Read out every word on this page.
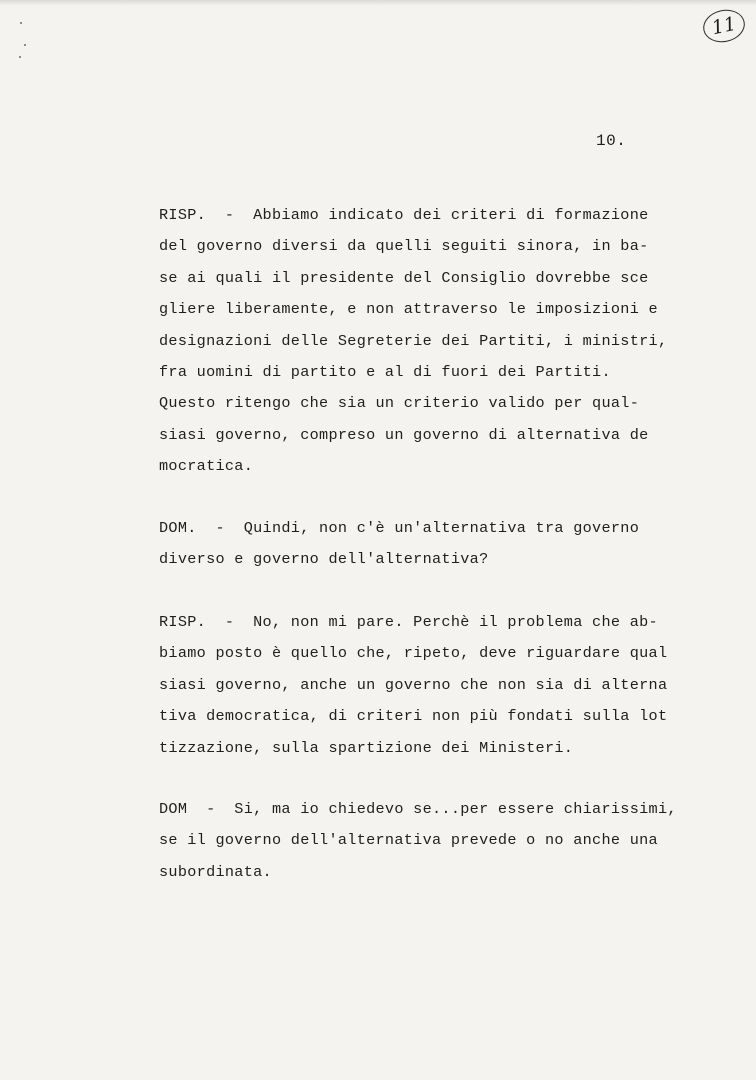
11
10.
RISP.  -  Abbiamo indicato dei criteri di formazione
del governo diversi da quelli seguiti sinora, in ba-
se ai quali il presidente del Consiglio dovrebbe sce
gliere liberamente, e non attraverso le imposizioni e
designazioni delle Segreterie dei Partiti, i ministri,
fra uomini di partito e al di fuori dei Partiti.
Questo ritengo che sia un criterio valido per qual-
siasi governo, compreso un governo di alternativa de
mocratica.
DOM.  -  Quindi, non c'è un'alternativa tra governo
diverso e governo dell'alternativa?
RISP.  -  No, non mi pare. Perchè il problema che ab-
biamo posto è quello che, ripeto, deve riguardare qual
siasi governo, anche un governo che non sia di alterna
tiva democratica, di criteri non più fondati sulla lot
tizzazione, sulla spartizione dei Ministeri.
DOM  -  Si, ma io chiedevo se...per essere chiarissimi,
se il governo dell'alternativa prevede o no anche una
subordinata.
